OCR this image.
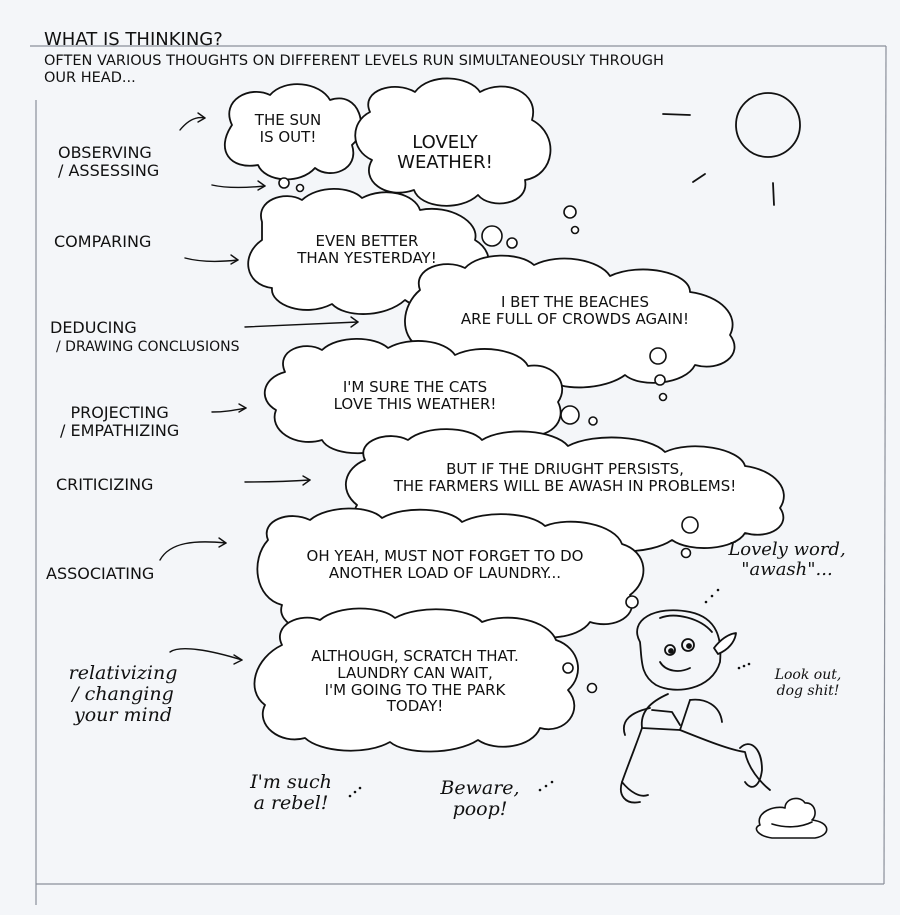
WHAT IS THINKING?
OFTEN VARIOUS THOUGHTS ON DIFFERENT LEVELS RUN SIMULTANEOUSLY THROUGH
OUR HEAD...
OBSERVING
/ ASSESSING
COMPARING
DEDUCING
/ DRAWING CONCLUSIONS
PROJECTING
/ EMPATHIZING
CRITICIZING
ASSOCIATING
relativizing
/ changing
your mind
THE SUN
IS OUT!	LOVELY
WEATHER!
EVEN BETTER
THAN YESTERDAY!
I BET THE BEACHES
ARE FULL OF CROWDS AGAIN!
I'M SURE THE CATS
LOVE THIS WEATHER!
BUT IF THE DRIUGHT PERSISTS,
THE FARMERS WILL BE AWASH IN PROBLEMS!
OH YEAH, MUST NOT FORGET TO DO
ANOTHER LOAD OF LAUNDRY...
ALTHOUGH, SCRATCH THAT.
LAUNDRY CAN WAIT,
I'M GOING TO THE PARK
TODAY!
Lovely word,
"awash"...
Look out,
dog shit!
I'm such
a rebel!
Beware,
poop!
